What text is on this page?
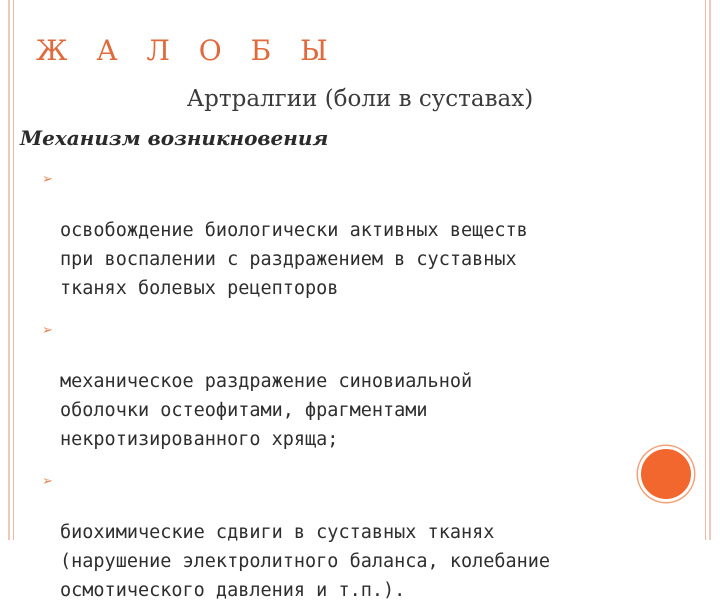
Ж А Л О Б Ы
Артралгии (боли в суставах)
Механизм возникновения

➢

освобождение биологически активных веществ
при воспалении с раздражением в суставных
тканях болевых рецепторов

➢

механическое раздражение синовиальной
оболочки остеофитами, фрагментами
некротизированного хряща;

➢

биохимические сдвиги в суставных тканях
(нарушение электролитного баланса, колебание
осмотического давления и т.п.).
